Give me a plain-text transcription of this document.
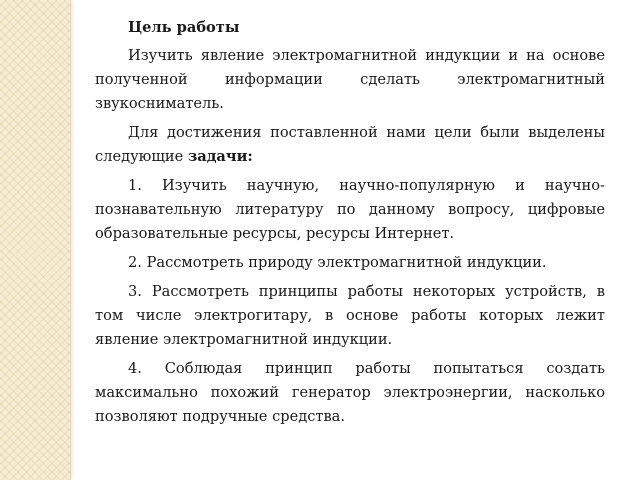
Цель работы

Изучить явление электромагнитной индукции и на основе полученной информации сделать электромагнитный звукосниматель.

Для достижения поставленной нами цели были выделены следующие задачи:

1. Изучить научную, научно-популярную и научно-познавательную литературу по данному вопросу, цифровые образовательные ресурсы, ресурсы Интернет.

2. Рассмотреть природу электромагнитной индукции.

3. Рассмотреть принципы работы некоторых устройств, в том числе электрогитару, в основе работы которых лежит явление электромагнитной индукции.

4. Соблюдая принцип работы попытаться создать максимально похожий генератор электроэнергии, насколько позволяют подручные средства.
